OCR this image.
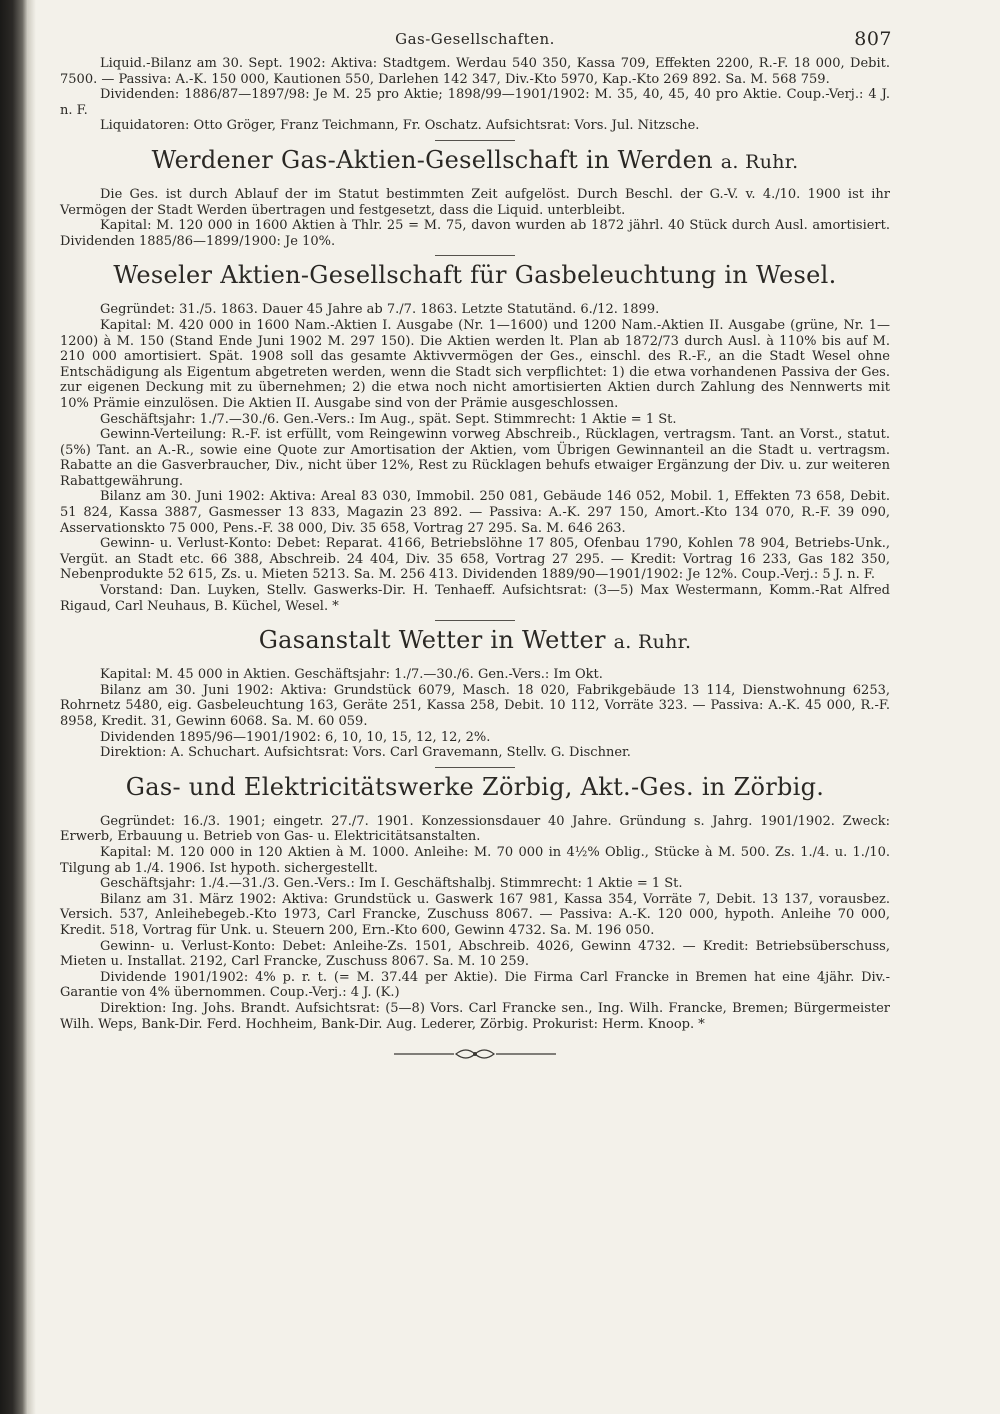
Gas-Gesellschaften.	807

Liquid.-Bilanz am 30. Sept. 1902: Aktiva: Stadtgem. Werdau 540 350, Kassa 709, Effekten 2200, R.-F. 18 000, Debit. 7500. — Passiva: A.-K. 150 000, Kautionen 550, Darlehen 142 347, Div.-Kto 5970, Kap.-Kto 269 892. Sa. M. 568 759.

Dividenden: 1886/87—1897/98: Je M. 25 pro Aktie; 1898/99—1901/1902: M. 35, 40, 45, 40 pro Aktie. Coup.-Verj.: 4 J. n. F.

Liquidatoren: Otto Gröger, Franz Teichmann, Fr. Oschatz. Aufsichtsrat: Vors. Jul. Nitzsche.

Werdener Gas-Aktien-Gesellschaft in Werden a. Ruhr.

Die Ges. ist durch Ablauf der im Statut bestimmten Zeit aufgelöst. Durch Beschl. der G.-V. v. 4./10. 1900 ist ihr Vermögen der Stadt Werden übertragen und festgesetzt, dass die Liquid. unterbleibt.

Kapital: M. 120 000 in 1600 Aktien à Thlr. 25 = M. 75, davon wurden ab 1872 jährl. 40 Stück durch Ausl. amortisiert. Dividenden 1885/86—1899/1900: Je 10%.

Weseler Aktien-Gesellschaft für Gasbeleuchtung in Wesel.

Gegründet: 31./5. 1863. Dauer 45 Jahre ab 7./7. 1863. Letzte Statutänd. 6./12. 1899.

Kapital: M. 420 000 in 1600 Nam.-Aktien I. Ausgabe (Nr. 1—1600) und 1200 Nam.-Aktien II. Ausgabe (grüne, Nr. 1—1200) à M. 150 (Stand Ende Juni 1902 M. 297 150). Die Aktien werden lt. Plan ab 1872/73 durch Ausl. à 110% bis auf M. 210 000 amortisiert. Spät. 1908 soll das gesamte Aktivvermögen der Ges., einschl. des R.-F., an die Stadt Wesel ohne Entschädigung als Eigentum abgetreten werden, wenn die Stadt sich verpflichtet: 1) die etwa vorhandenen Passiva der Ges. zur eigenen Deckung mit zu übernehmen; 2) die etwa noch nicht amortisierten Aktien durch Zahlung des Nennwerts mit 10% Prämie einzulösen. Die Aktien II. Ausgabe sind von der Prämie ausgeschlossen.

Geschäftsjahr: 1./7.—30./6. Gen.-Vers.: Im Aug., spät. Sept. Stimmrecht: 1 Aktie = 1 St.

Gewinn-Verteilung: R.-F. ist erfüllt, vom Reingewinn vorweg Abschreib., Rücklagen, vertragsm. Tant. an Vorst., statut. (5%) Tant. an A.-R., sowie eine Quote zur Amortisation der Aktien, vom Übrigen Gewinnanteil an die Stadt u. vertragsm. Rabatte an die Gasverbraucher, Div., nicht über 12%, Rest zu Rücklagen behufs etwaiger Ergänzung der Div. u. zur weiteren Rabattgewährung.

Bilanz am 30. Juni 1902: Aktiva: Areal 83 030, Immobil. 250 081, Gebäude 146 052, Mobil. 1, Effekten 73 658, Debit. 51 824, Kassa 3887, Gasmesser 13 833, Magazin 23 892. — Passiva: A.-K. 297 150, Amort.-Kto 134 070, R.-F. 39 090, Asservationskto 75 000, Pens.-F. 38 000, Div. 35 658, Vortrag 27 295. Sa. M. 646 263.

Gewinn- u. Verlust-Konto: Debet: Reparat. 4166, Betriebslöhne 17 805, Ofenbau 1790, Kohlen 78 904, Betriebs-Unk., Vergüt. an Stadt etc. 66 388, Abschreib. 24 404, Div. 35 658, Vortrag 27 295. — Kredit: Vortrag 16 233, Gas 182 350, Nebenprodukte 52 615, Zs. u. Mieten 5213. Sa. M. 256 413. Dividenden 1889/90—1901/1902: Je 12%. Coup.-Verj.: 5 J. n. F.

Vorstand: Dan. Luyken, Stellv. Gaswerks-Dir. H. Tenhaeff. Aufsichtsrat: (3—5) Max Westermann, Komm.-Rat Alfred Rigaud, Carl Neuhaus, B. Küchel, Wesel. *

Gasanstalt Wetter in Wetter a. Ruhr.

Kapital: M. 45 000 in Aktien. Geschäftsjahr: 1./7.—30./6. Gen.-Vers.: Im Okt.

Bilanz am 30. Juni 1902: Aktiva: Grundstück 6079, Masch. 18 020, Fabrikgebäude 13 114, Dienstwohnung 6253, Rohrnetz 5480, eig. Gasbeleuchtung 163, Geräte 251, Kassa 258, Debit. 10 112, Vorräte 323. — Passiva: A.-K. 45 000, R.-F. 8958, Kredit. 31, Gewinn 6068. Sa. M. 60 059.

Dividenden 1895/96—1901/1902: 6, 10, 10, 15, 12, 12, 2%.

Direktion: A. Schuchart. Aufsichtsrat: Vors. Carl Gravemann, Stellv. G. Dischner.

Gas- und Elektricitätswerke Zörbig, Akt.-Ges. in Zörbig.

Gegründet: 16./3. 1901; eingetr. 27./7. 1901. Konzessionsdauer 40 Jahre. Gründung s. Jahrg. 1901/1902. Zweck: Erwerb, Erbauung u. Betrieb von Gas- u. Elektricitätsanstalten.

Kapital: M. 120 000 in 120 Aktien à M. 1000. Anleihe: M. 70 000 in 4½% Oblig., Stücke à M. 500. Zs. 1./4. u. 1./10. Tilgung ab 1./4. 1906. Ist hypoth. sichergestellt.

Geschäftsjahr: 1./4.—31./3. Gen.-Vers.: Im I. Geschäftshalbj. Stimmrecht: 1 Aktie = 1 St.

Bilanz am 31. März 1902: Aktiva: Grundstück u. Gaswerk 167 981, Kassa 354, Vorräte 7, Debit. 13 137, vorausbez. Versich. 537, Anleihebegeb.-Kto 1973, Carl Francke, Zuschuss 8067. — Passiva: A.-K. 120 000, hypoth. Anleihe 70 000, Kredit. 518, Vortrag für Unk. u. Steuern 200, Ern.-Kto 600, Gewinn 4732. Sa. M. 196 050.

Gewinn- u. Verlust-Konto: Debet: Anleihe-Zs. 1501, Abschreib. 4026, Gewinn 4732. — Kredit: Betriebsüberschuss, Mieten u. Installat. 2192, Carl Francke, Zuschuss 8067. Sa. M. 10 259.

Dividende 1901/1902: 4% p. r. t. (= M. 37.44 per Aktie). Die Firma Carl Francke in Bremen hat eine 4jähr. Div.-Garantie von 4% übernommen. Coup.-Verj.: 4 J. (K.)

Direktion: Ing. Johs. Brandt. Aufsichtsrat: (5—8) Vors. Carl Francke sen., Ing. Wilh. Francke, Bremen; Bürgermeister Wilh. Weps, Bank-Dir. Ferd. Hochheim, Bank-Dir. Aug. Lederer, Zörbig. Prokurist: Herm. Knoop. *
